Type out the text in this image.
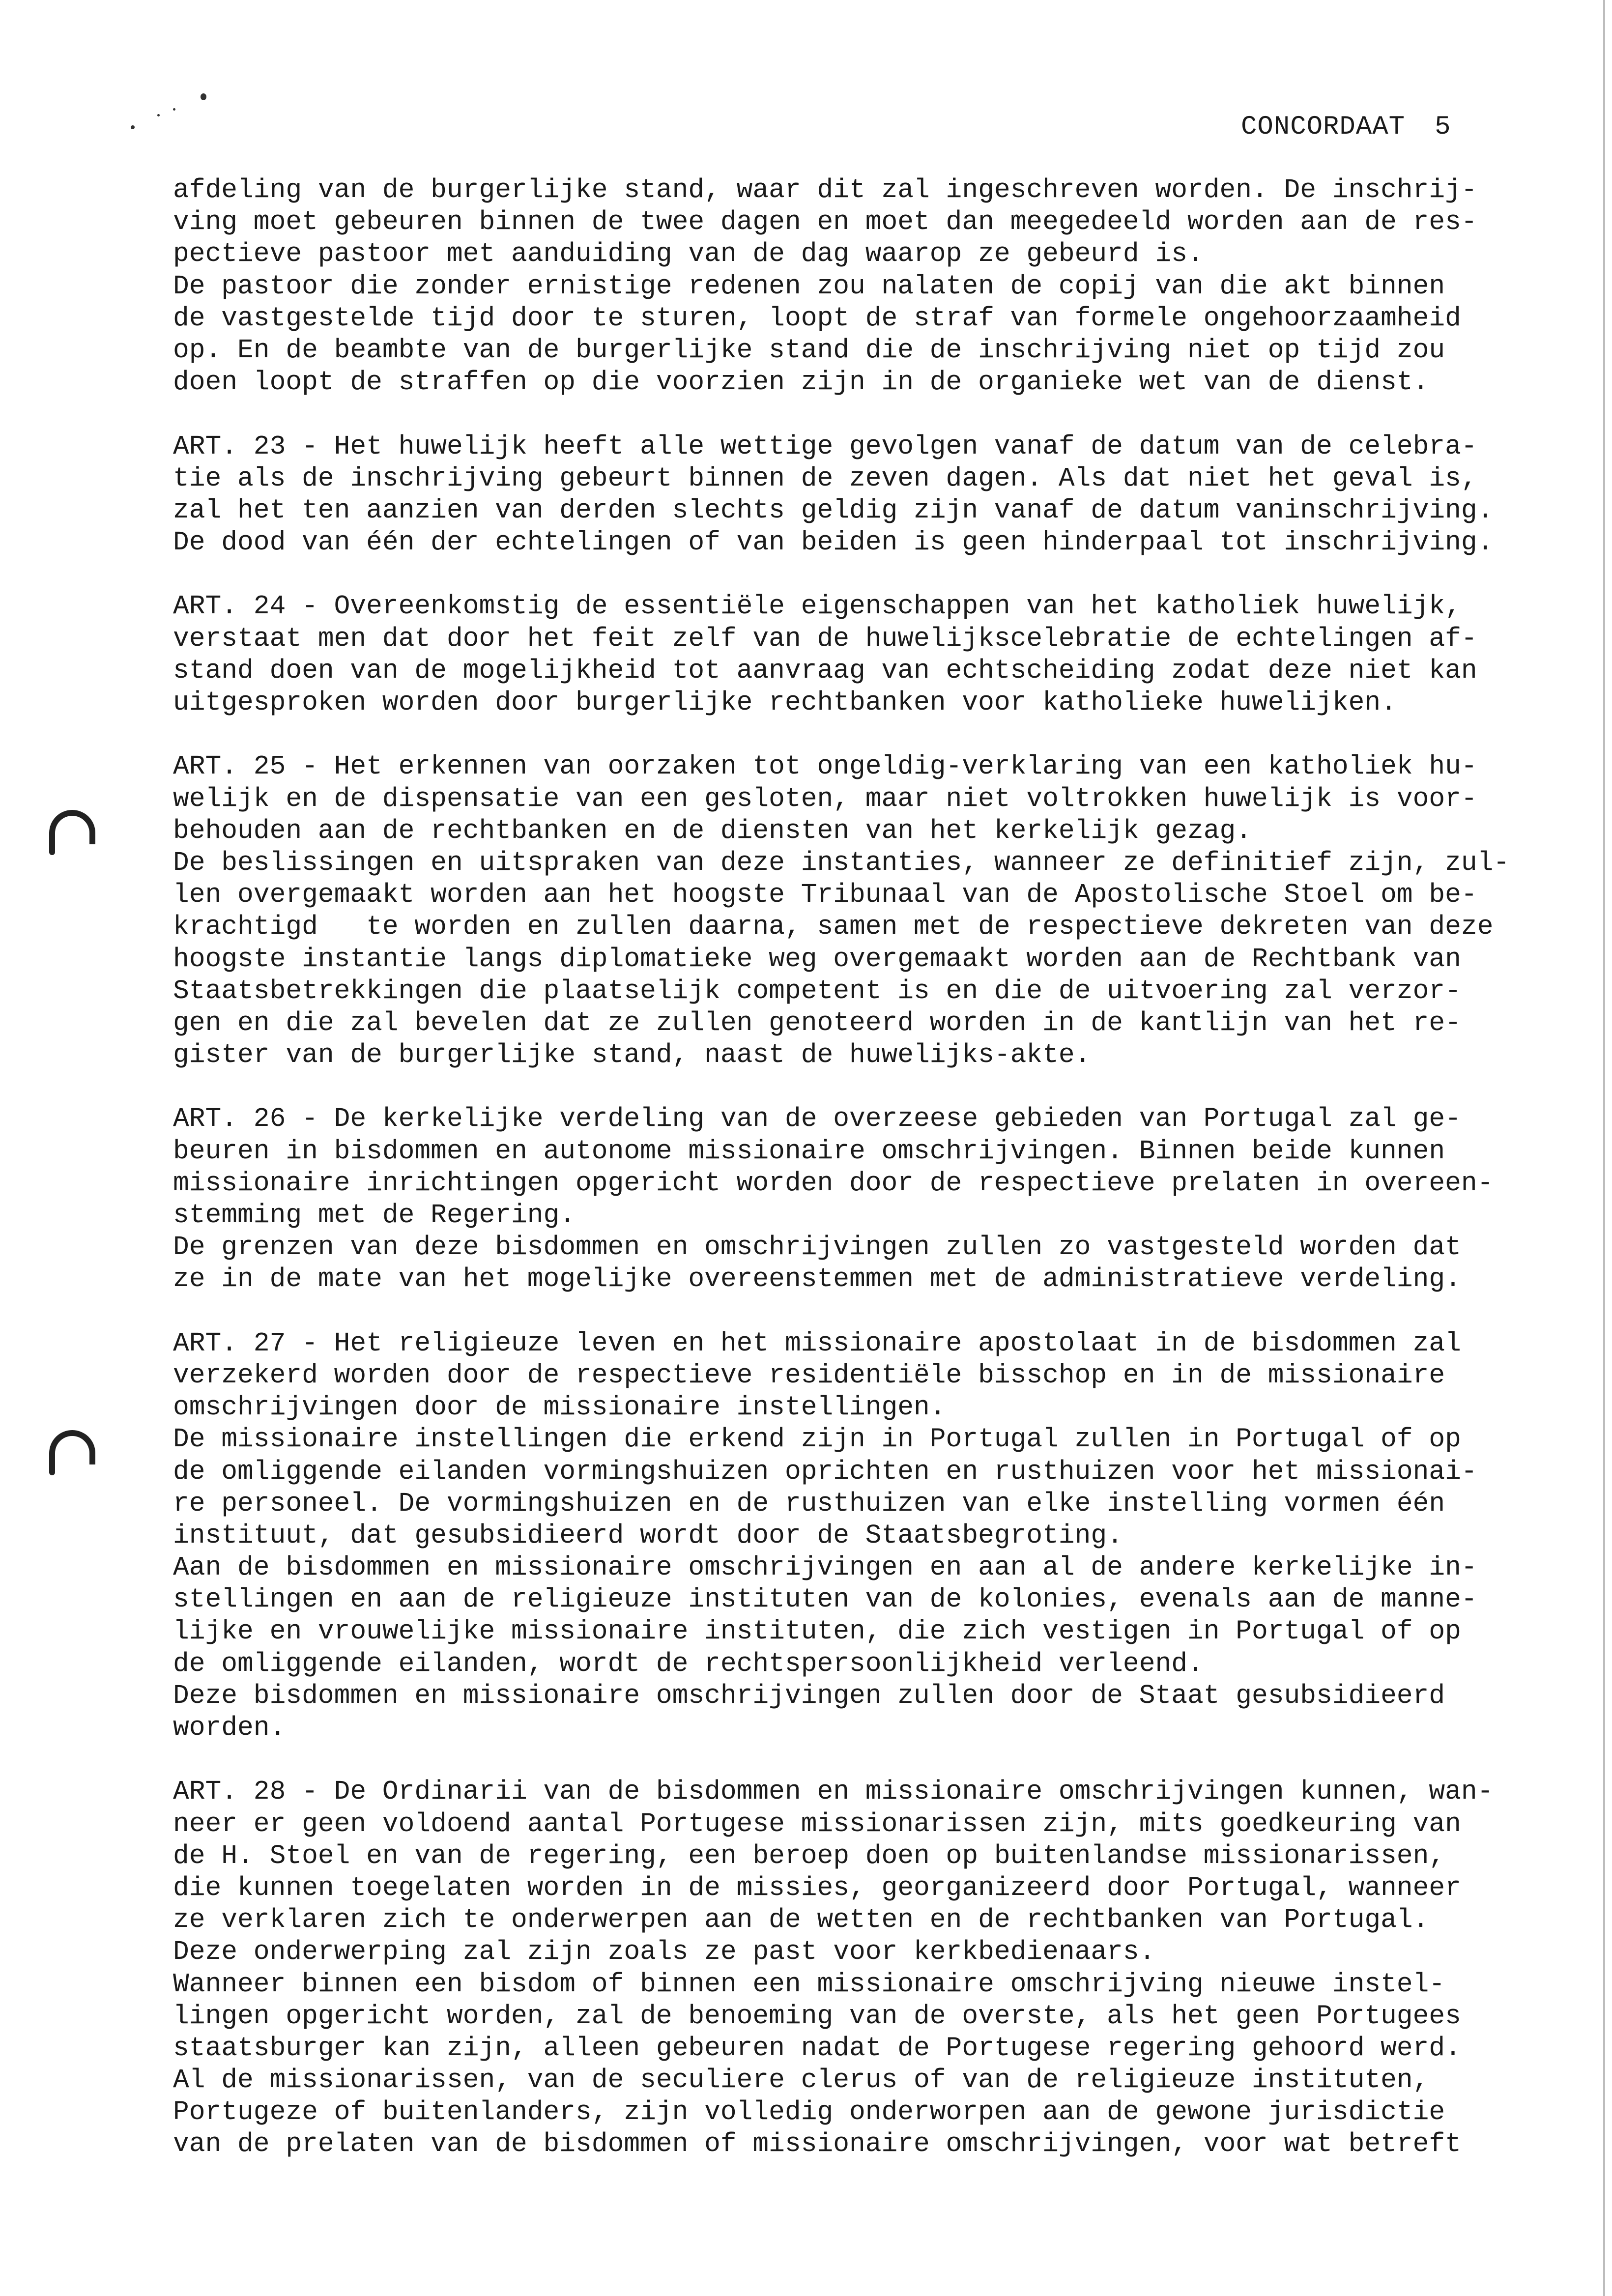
CONCORDAAT 5
afdeling van de burgerlijke stand, waar dit zal ingeschreven worden. De inschrij-
ving moet gebeuren binnen de twee dagen en moet dan meegedeeld worden aan de res-
pectieve pastoor met aanduiding van de dag waarop ze gebeurd is.
De pastoor die zonder ernistige redenen zou nalaten de copij van die akt binnen
de vastgestelde tijd door te sturen, loopt de straf van formele ongehoorzaamheid
op. En de beambte van de burgerlijke stand die de inschrijving niet op tijd zou
doen loopt de straffen op die voorzien zijn in de organieke wet van de dienst.
ART. 23 - Het huwelijk heeft alle wettige gevolgen vanaf de datum van de celebra-
tie als de inschrijving gebeurt binnen de zeven dagen. Als dat niet het geval is,
zal het ten aanzien van derden slechts geldig zijn vanaf de datum vaninschrijving.
De dood van één der echtelingen of van beiden is geen hinderpaal tot inschrijving.
ART. 24 - Overeenkomstig de essentiële eigenschappen van het katholiek huwelijk,
verstaat men dat door het feit zelf van de huwelijkscelebratie de echtelingen af-
stand doen van de mogelijkheid tot aanvraag van echtscheiding zodat deze niet kan
uitgesproken worden door burgerlijke rechtbanken voor katholieke huwelijken.
ART. 25 - Het erkennen van oorzaken tot ongeldig-verklaring van een katholiek hu-
welijk en de dispensatie van een gesloten, maar niet voltrokken huwelijk is voor-
behouden aan de rechtbanken en de diensten van het kerkelijk gezag.
De beslissingen en uitspraken van deze instanties, wanneer ze definitief zijn, zul-
len overgemaakt worden aan het hoogste Tribunaal van de Apostolische Stoel om be-
krachtigd   te worden en zullen daarna, samen met de respectieve dekreten van deze
hoogste instantie langs diplomatieke weg overgemaakt worden aan de Rechtbank van
Staatsbetrekkingen die plaatselijk competent is en die de uitvoering zal verzor-
gen en die zal bevelen dat ze zullen genoteerd worden in de kantlijn van het re-
gister van de burgerlijke stand, naast de huwelijks-akte.
ART. 26 - De kerkelijke verdeling van de overzeese gebieden van Portugal zal ge-
beuren in bisdommen en autonome missionaire omschrijvingen. Binnen beide kunnen
missionaire inrichtingen opgericht worden door de respectieve prelaten in overeen-
stemming met de Regering.
De grenzen van deze bisdommen en omschrijvingen zullen zo vastgesteld worden dat
ze in de mate van het mogelijke overeenstemmen met de administratieve verdeling.
ART. 27 - Het religieuze leven en het missionaire apostolaat in de bisdommen zal
verzekerd worden door de respectieve residentiële bisschop en in de missionaire
omschrijvingen door de missionaire instellingen.
De missionaire instellingen die erkend zijn in Portugal zullen in Portugal of op
de omliggende eilanden vormingshuizen oprichten en rusthuizen voor het missionai-
re personeel. De vormingshuizen en de rusthuizen van elke instelling vormen één
instituut, dat gesubsidieerd wordt door de Staatsbegroting.
Aan de bisdommen en missionaire omschrijvingen en aan al de andere kerkelijke in-
stellingen en aan de religieuze instituten van de kolonies, evenals aan de manne-
lijke en vrouwelijke missionaire instituten, die zich vestigen in Portugal of op
de omliggende eilanden, wordt de rechtspersoonlijkheid verleend.
Deze bisdommen en missionaire omschrijvingen zullen door de Staat gesubsidieerd
worden.
ART. 28 - De Ordinarii van de bisdommen en missionaire omschrijvingen kunnen, wan-
neer er geen voldoend aantal Portugese missionarissen zijn, mits goedkeuring van
de H. Stoel en van de regering, een beroep doen op buitenlandse missionarissen,
die kunnen toegelaten worden in de missies, georganizeerd door Portugal, wanneer
ze verklaren zich te onderwerpen aan de wetten en de rechtbanken van Portugal.
Deze onderwerping zal zijn zoals ze past voor kerkbedienaars.
Wanneer binnen een bisdom of binnen een missionaire omschrijving nieuwe instel-
lingen opgericht worden, zal de benoeming van de overste, als het geen Portugees
staatsburger kan zijn, alleen gebeuren nadat de Portugese regering gehoord werd.
Al de missionarissen, van de seculiere clerus of van de religieuze instituten,
Portugeze of buitenlanders, zijn volledig onderworpen aan de gewone jurisdictie
van de prelaten van de bisdommen of missionaire omschrijvingen, voor wat betreft
